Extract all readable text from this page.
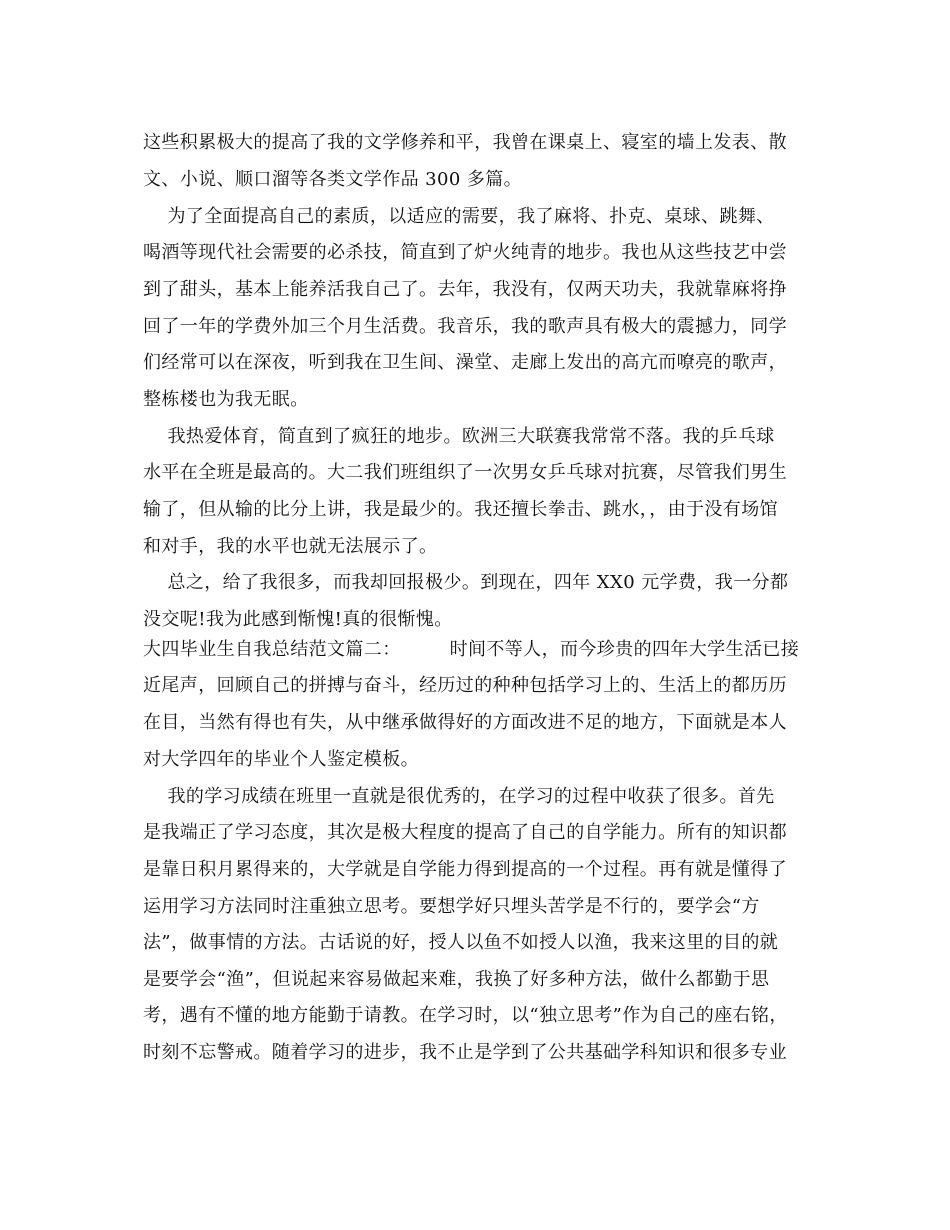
这些积累极大的提高了我的文学修养和平，我曾在课桌上、寝室的墙上发表、散
文、小说、顺口溜等各类文学作品 300 多篇。
为了全面提高自己的素质，以适应的需要，我了麻将、扑克、桌球、跳舞、
喝酒等现代社会需要的必杀技，简直到了炉火纯青的地步。我也从这些技艺中尝
到了甜头，基本上能养活我自己了。去年，我没有，仅两天功夫，我就靠麻将挣
回了一年的学费外加三个月生活费。我音乐，我的歌声具有极大的震撼力，同学
们经常可以在深夜，听到我在卫生间、澡堂、走廊上发出的高亢而嘹亮的歌声，
整栋楼也为我无眠。
我热爱体育，简直到了疯狂的地步。欧洲三大联赛我常常不落。我的乒乓球
水平在全班是最高的。大二我们班组织了一次男女乒乓球对抗赛，尽管我们男生
输了，但从输的比分上讲，我是最少的。我还擅长拳击、跳水，，由于没有场馆
和对手，我的水平也就无法展示了。
总之，给了我很多，而我却回报极少。到现在，四年 XX0 元学费，我一分都
没交呢!我为此感到惭愧!真的很惭愧。
大四毕业生自我总结范文篇二：        时间不等人，而今珍贵的四年大学生活已接
近尾声，回顾自己的拼搏与奋斗，经历过的种种包括学习上的、生活上的都历历
在目，当然有得也有失，从中继承做得好的方面改进不足的地方，下面就是本人
对大学四年的毕业个人鉴定模板。
我的学习成绩在班里一直就是很优秀的，在学习的过程中收获了很多。首先
是我端正了学习态度，其次是极大程度的提高了自己的自学能力。所有的知识都
是靠日积月累得来的，大学就是自学能力得到提高的一个过程。再有就是懂得了
运用学习方法同时注重独立思考。要想学好只埋头苦学是不行的，要学会“方
法”，做事情的方法。古话说的好，授人以鱼不如授人以渔，我来这里的目的就
是要学会“渔”，但说起来容易做起来难，我换了好多种方法，做什么都勤于思
考，遇有不懂的地方能勤于请教。在学习时，以“独立思考”作为自己的座右铭，
时刻不忘警戒。随着学习的进步，我不止是学到了公共基础学科知识和很多专业
